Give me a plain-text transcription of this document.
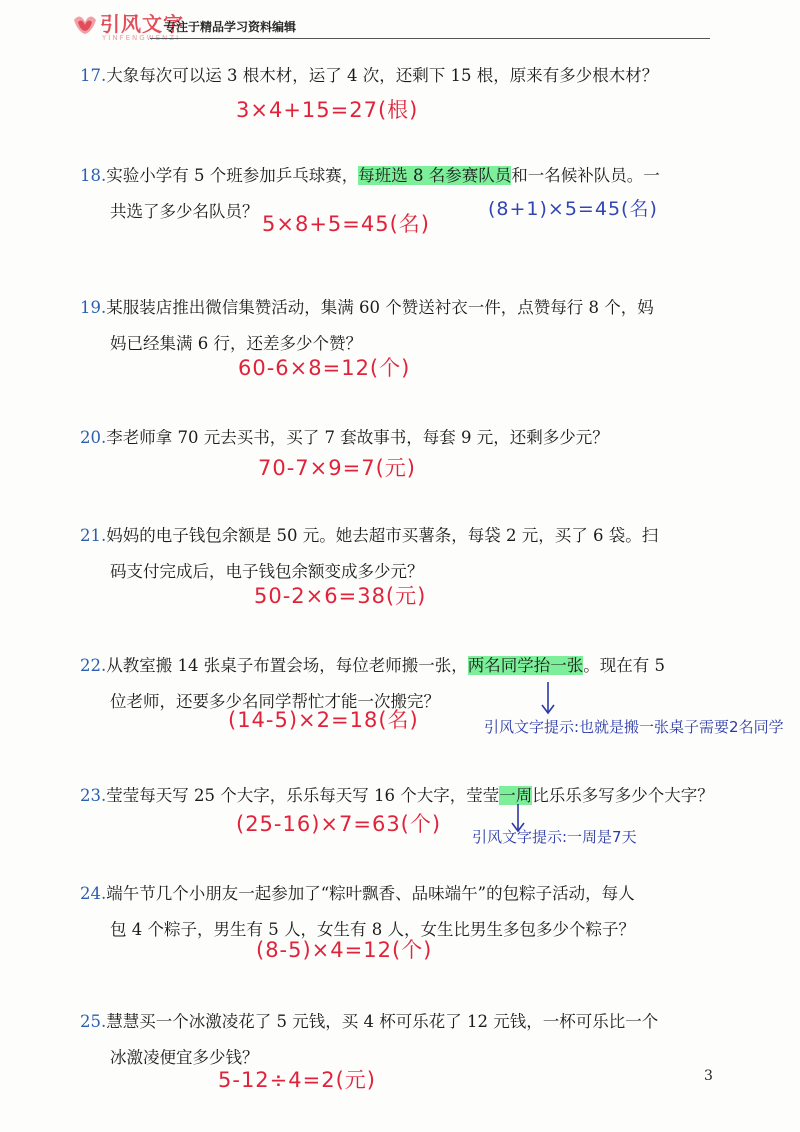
引风文字
YINFENGWENZI
专注于精品学习资料编辑
17.大象每次可以运 3 根木材，运了 4 次，还剩下 15 根，原来有多少根木材？
3×4+15=27(根)
18.实验小学有 5 个班参加乒乓球赛，每班选 8 名参赛队员和一名候补队员。一
共选了多少名队员？
5×8+5=45(名)
(8+1)×5=45(名)
19.某服装店推出微信集赞活动，集满 60 个赞送衬衣一件，点赞每行 8 个，妈
妈已经集满 6 行，还差多少个赞？
60-6×8=12(个)
20.李老师拿 70 元去买书，买了 7 套故事书，每套 9 元，还剩多少元？
70-7×9=7(元)
21.妈妈的电子钱包余额是 50 元。她去超市买薯条，每袋 2 元，买了 6 袋。扫
码支付完成后，电子钱包余额变成多少元？
50-2×6=38(元)
22.从教室搬 14 张桌子布置会场，每位老师搬一张，两名同学抬一张。现在有 5
位老师，还要多少名同学帮忙才能一次搬完？
(14-5)×2=18(名)	引风文字提示:也就是搬一张桌子需要2名同学
23.莹莹每天写 25 个大字，乐乐每天写 16 个大字，莹莹一周比乐乐多写多少个大字？
(25-16)×7=63(个)
引风文字提示:一周是7天
24.端午节几个小朋友一起参加了“粽叶飘香、品味端午”的包粽子活动，每人
包 4 个粽子，男生有 5 人，女生有 8 人，女生比男生多包多少个粽子？
(8-5)×4=12(个)
25.慧慧买一个冰激凌花了 5 元钱，买 4 杯可乐花了 12 元钱，一杯可乐比一个
冰激凌便宜多少钱？
5-12÷4=2(元)	3
